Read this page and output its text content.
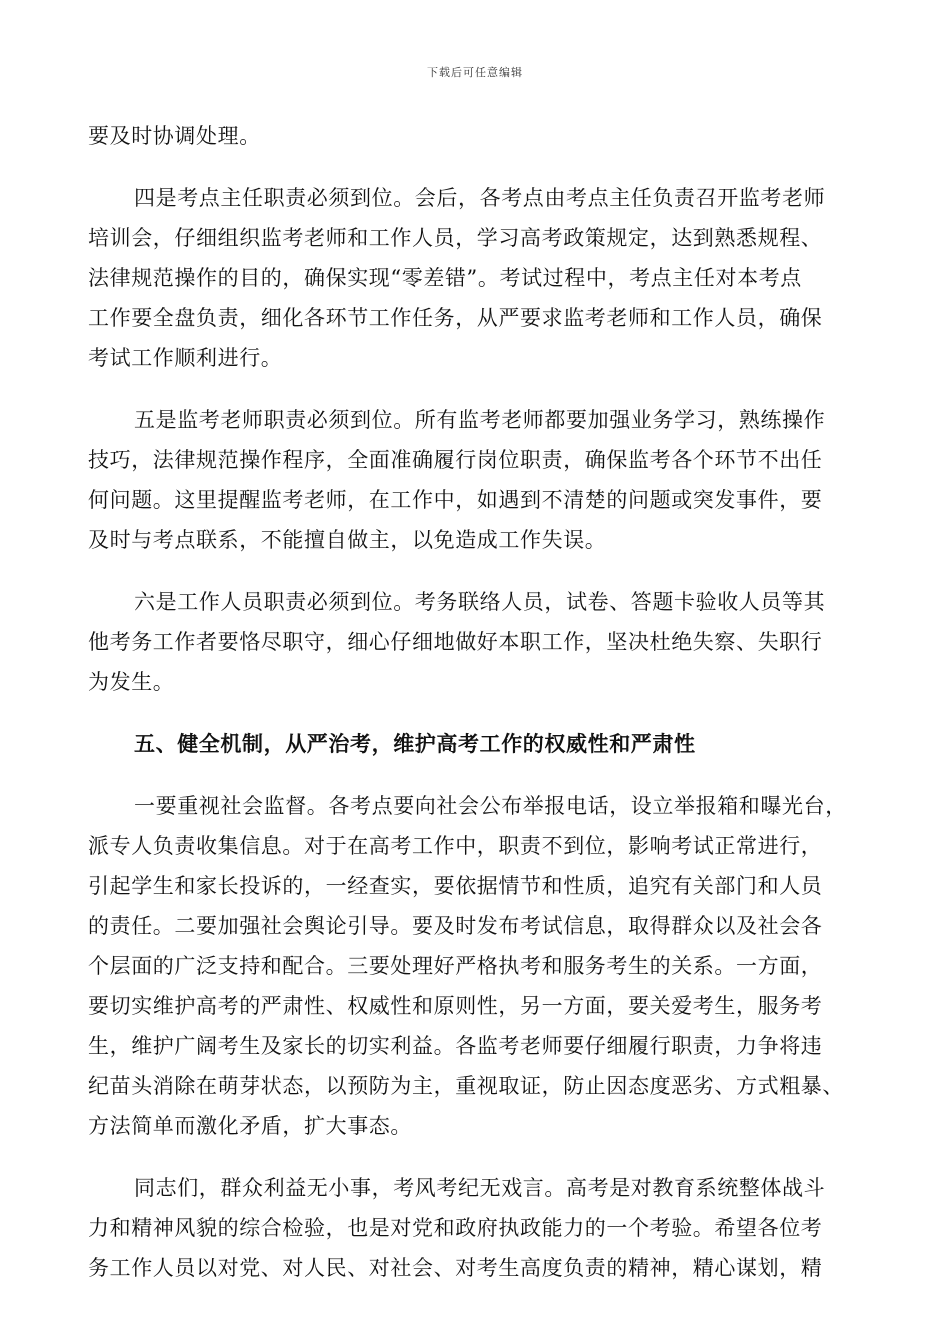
下载后可任意编辑
要及时协调处理。
四是考点主任职责必须到位。会后，各考点由考点主任负责召开监考老师
培训会，仔细组织监考老师和工作人员，学习高考政策规定，达到熟悉规程、
法律规范操作的目的，确保实现“零差错”。考试过程中，考点主任对本考点
工作要全盘负责，细化各环节工作任务，从严要求监考老师和工作人员，确保
考试工作顺利进行。
五是监考老师职责必须到位。所有监考老师都要加强业务学习，熟练操作
技巧，法律规范操作程序，全面准确履行岗位职责，确保监考各个环节不出任
何问题。这里提醒监考老师，在工作中，如遇到不清楚的问题或突发事件，要
及时与考点联系，不能擅自做主，以免造成工作失误。
六是工作人员职责必须到位。考务联络人员，试卷、答题卡验收人员等其
他考务工作者要恪尽职守，细心仔细地做好本职工作，坚决杜绝失察、失职行
为发生。
五、健全机制，从严治考，维护高考工作的权威性和严肃性
一要重视社会监督。各考点要向社会公布举报电话，设立举报箱和曝光台，
派专人负责收集信息。对于在高考工作中，职责不到位，影响考试正常进行，
引起学生和家长投诉的，一经查实，要依据情节和性质，追究有关部门和人员
的责任。二要加强社会舆论引导。要及时发布考试信息，取得群众以及社会各
个层面的广泛支持和配合。三要处理好严格执考和服务考生的关系。一方面，
要切实维护高考的严肃性、权威性和原则性，另一方面，要关爱考生，服务考
生，维护广阔考生及家长的切实利益。各监考老师要仔细履行职责，力争将违
纪苗头消除在萌芽状态，以预防为主，重视取证，防止因态度恶劣、方式粗暴、
方法简单而激化矛盾，扩大事态。
同志们，群众利益无小事，考风考纪无戏言。高考是对教育系统整体战斗
力和精神风貌的综合检验，也是对党和政府执政能力的一个考验。希望各位考
务工作人员以对党、对人民、对社会、对考生高度负责的精神，精心谋划，精
